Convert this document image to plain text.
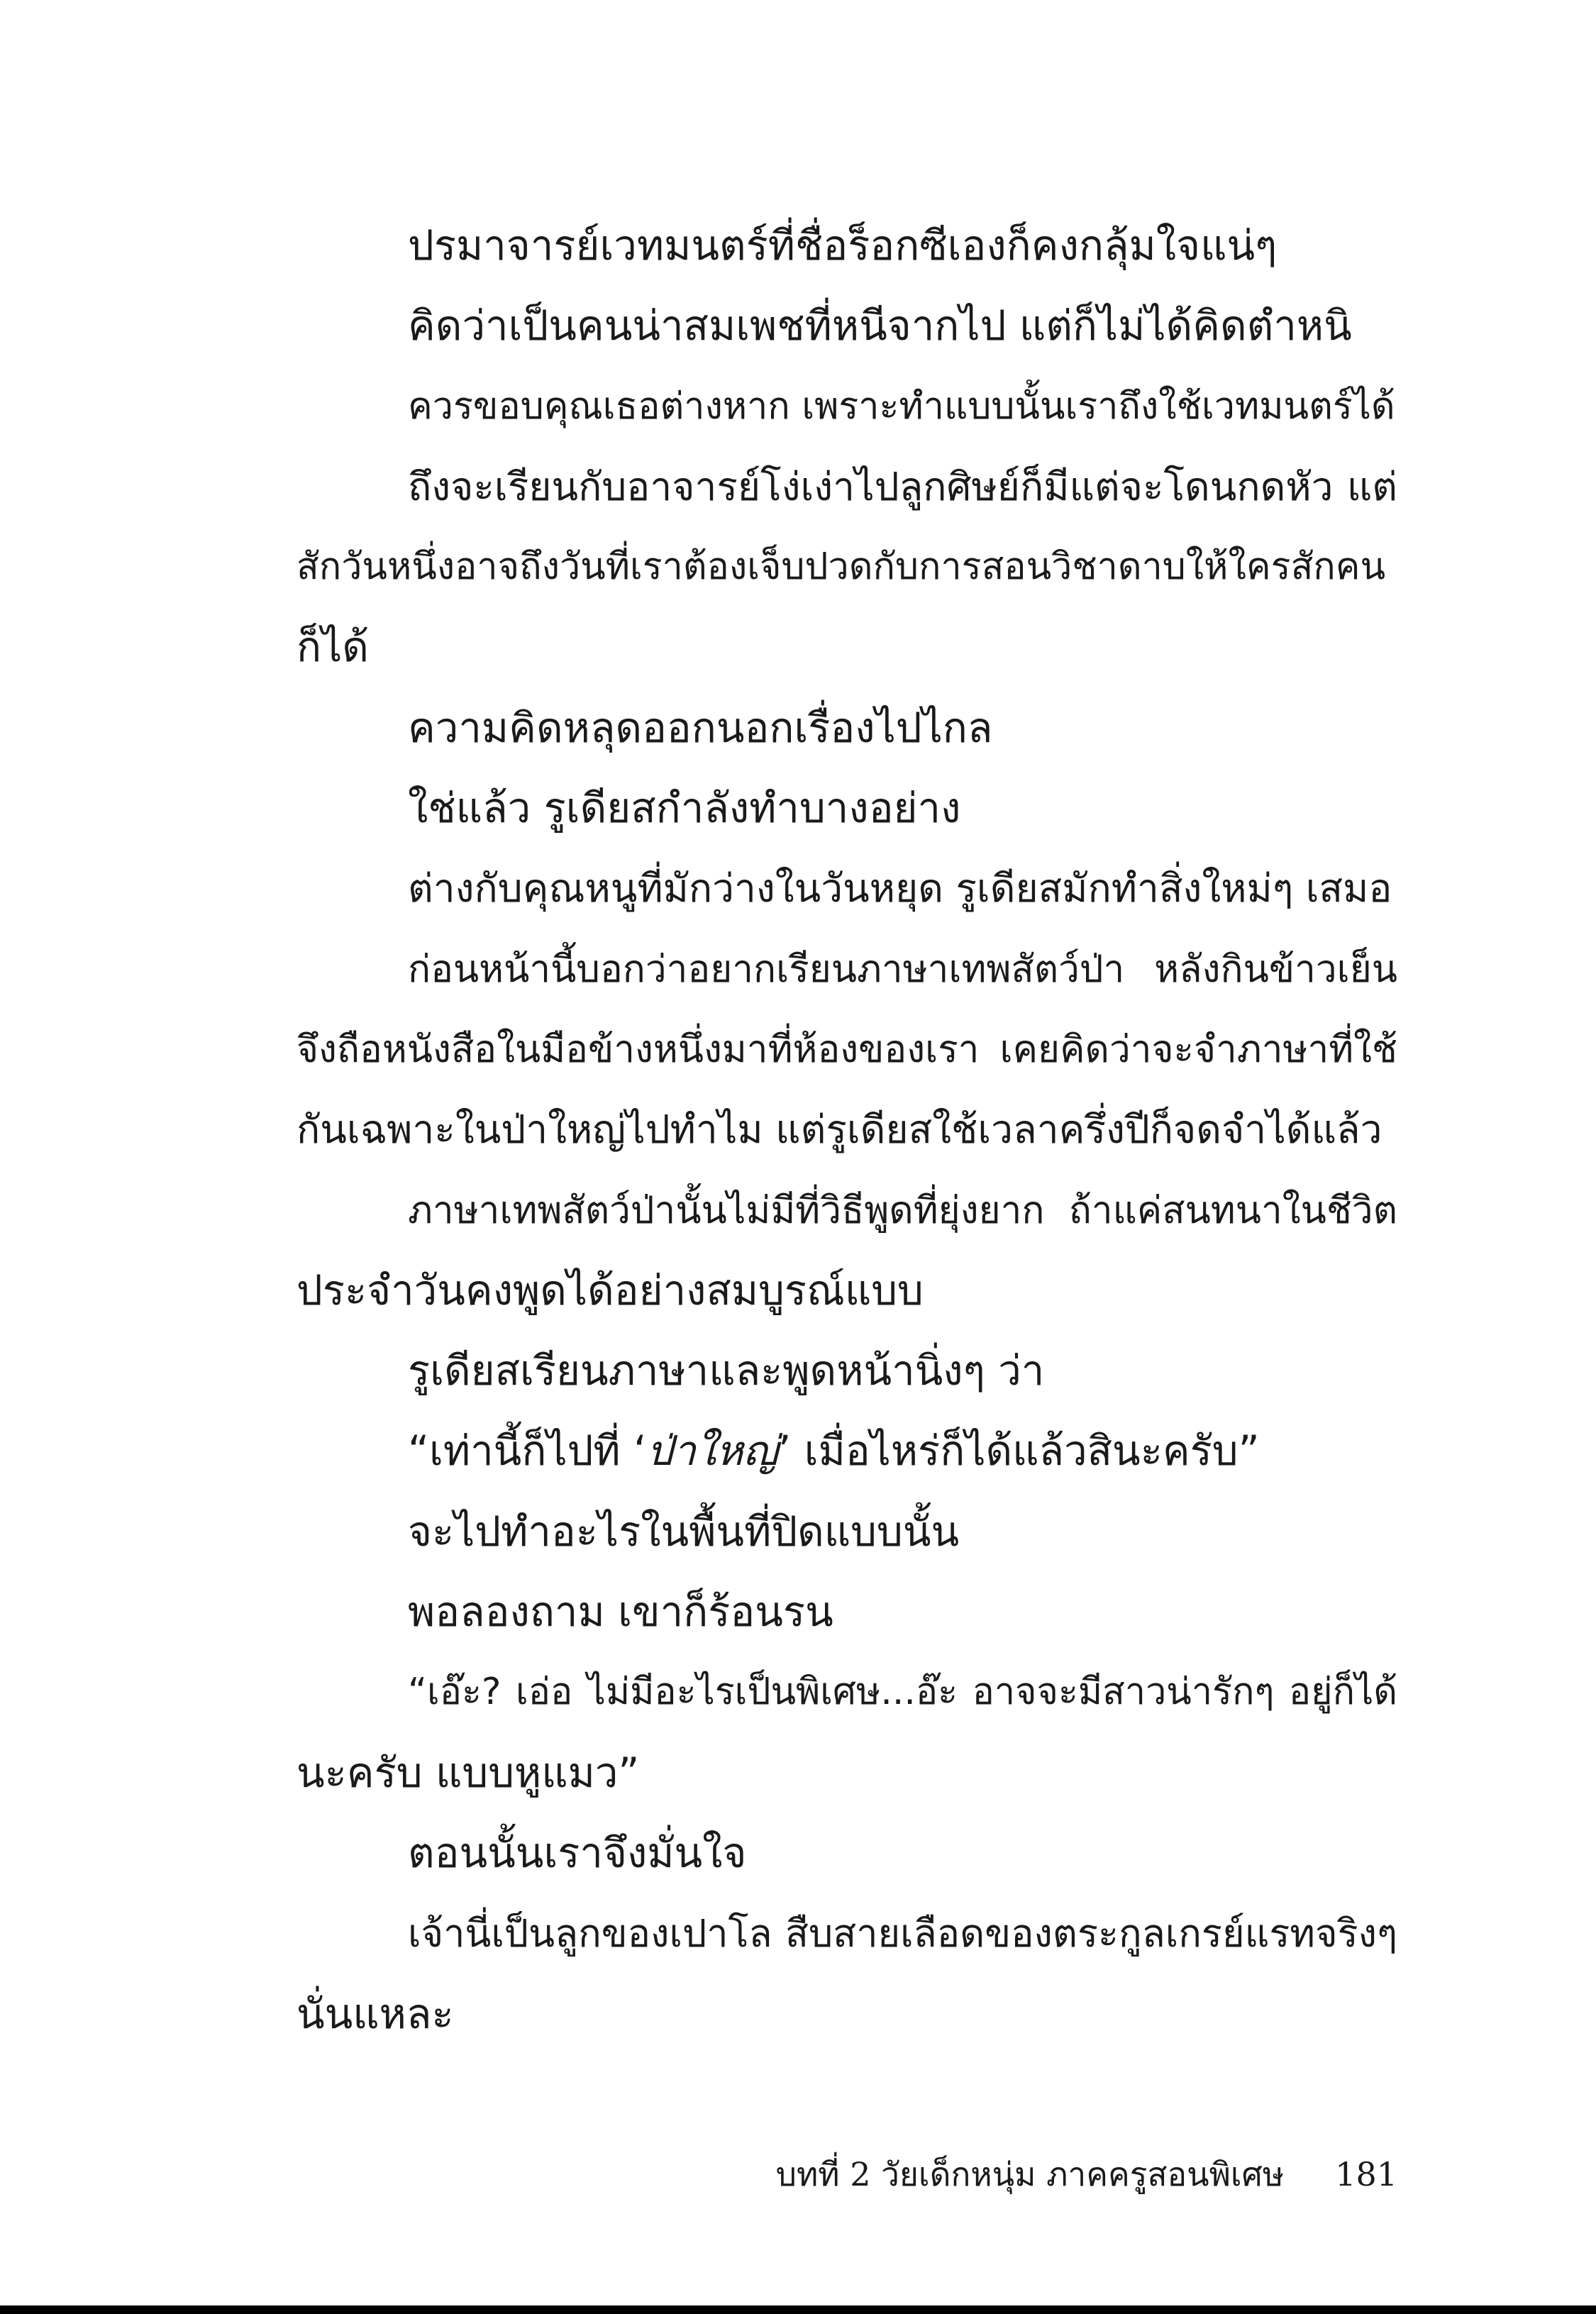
ปรมาจารย์เวทมนตร์ที่ชื่อร็อกซีเองก็คงกลุ้มใจแน่ๆ
คิดว่าเป็นคนน่าสมเพชที่หนีจากไป แต่ก็ไม่ได้คิดตำหนิ
ควรขอบคุณเธอต่างหาก เพราะทำแบบนั้นเราถึงใช้เวทมนตร์ได้
ถึงจะเรียนกับอาจารย์โง่เง่าไปลูกศิษย์ก็มีแต่จะโดนกดหัว แต่
สักวันหนึ่งอาจถึงวันที่เราต้องเจ็บปวดกับการสอนวิชาดาบให้ใครสักคน
ก็ได้
ความคิดหลุดออกนอกเรื่องไปไกล
ใช่แล้ว รูเดียสกำลังทำบางอย่าง
ต่างกับคุณหนูที่มักว่างในวันหยุด รูเดียสมักทำสิ่งใหม่ๆ เสมอ
ก่อนหน้านี้บอกว่าอยากเรียนภาษาเทพสัตว์ป่า หลังกินข้าวเย็น
จึงถือหนังสือในมือข้างหนึ่งมาที่ห้องของเรา เคยคิดว่าจะจำภาษาที่ใช้
กันเฉพาะในป่าใหญ่ไปทำไม แต่รูเดียสใช้เวลาครึ่งปีก็จดจำได้แล้ว
ภาษาเทพสัตว์ป่านั้นไม่มีที่วิธีพูดที่ยุ่งยาก ถ้าแค่สนทนาในชีวิต
ประจำวันคงพูดได้อย่างสมบูรณ์แบบ
รูเดียสเรียนภาษาและพูดหน้านิ่งๆ ว่า
“เท่านี้ก็ไปที่ ‘ป่าใหญ่’ เมื่อไหร่ก็ได้แล้วสินะครับ”
จะไปทำอะไรในพื้นที่ปิดแบบนั้น
พอลองถาม เขาก็ร้อนรน
“เอ๊ะ? เอ่อ ไม่มีอะไรเป็นพิเศษ...อ๊ะ อาจจะมีสาวน่ารักๆ อยู่ก็ได้
นะครับ แบบหูแมว”
ตอนนั้นเราจึงมั่นใจ
เจ้านี่เป็นลูกของเปาโล สืบสายเลือดของตระกูลเกรย์แรทจริงๆ
นั่นแหละ
บทที่ 2 วัยเด็กหนุ่ม ภาคครูสอนพิเศษ 181
